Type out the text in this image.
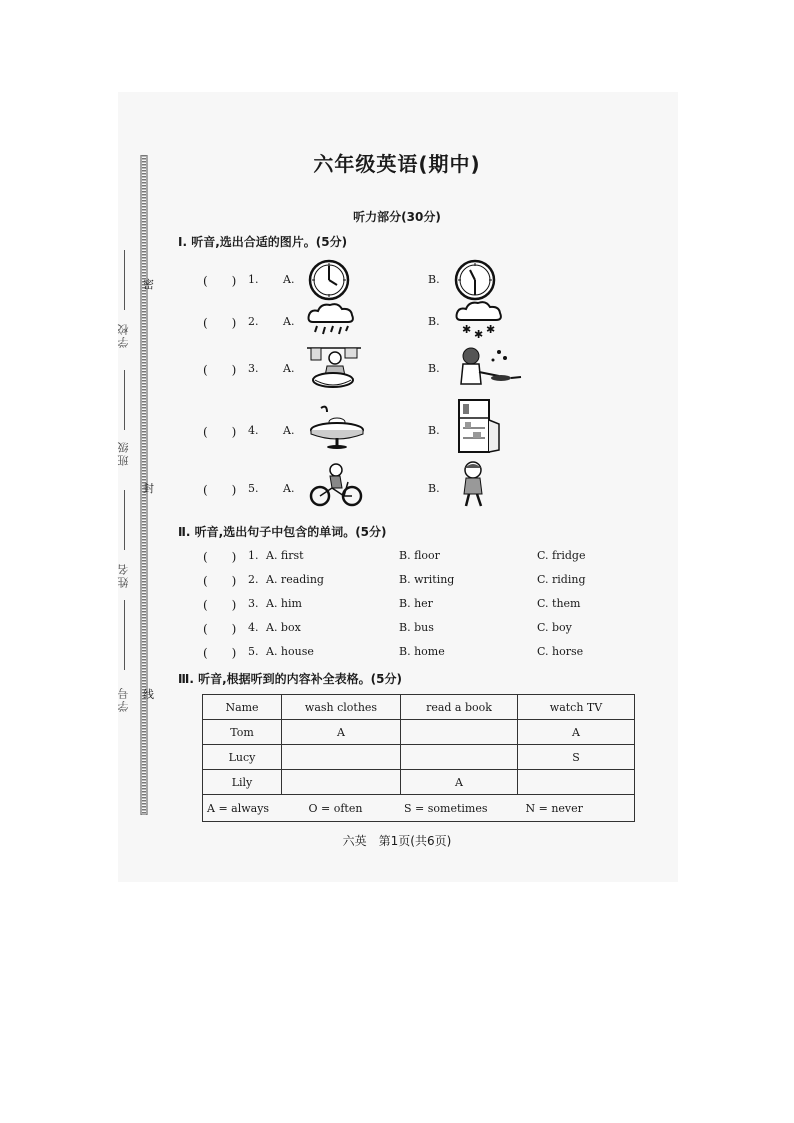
密
封
线
学校
班级
姓名
学号
六年级英语(期中)
听力部分(30分)
Ⅰ. 听音,选出合适的图片。(5分)
(　　) 1. A.	B.
(　　) 2. A.	B.
✱ ✱ ✱
(　　) 3. A.	B.
(　　) 4. A.	B.
(　　) 5. A.	B.
Ⅱ. 听音,选出句子中包含的单词。(5分)
(　　) 1. A. first	B. floor	C. fridge
(　　) 2. A. reading	B. writing	C. riding
(　　) 3. A. him	B. her	C. them
(　　) 4. A. box	B. bus	C. boy
(　　) 5. A. house	B. home	C. horse
Ⅲ. 听音,根据听到的内容补全表格。(5分)
Name	wash clothes	read a book	watch TV
Tom	A		A
Lucy			S
Lily		A	
A = always O = often S = sometimes N = never			
六英　第1页(共6页)
